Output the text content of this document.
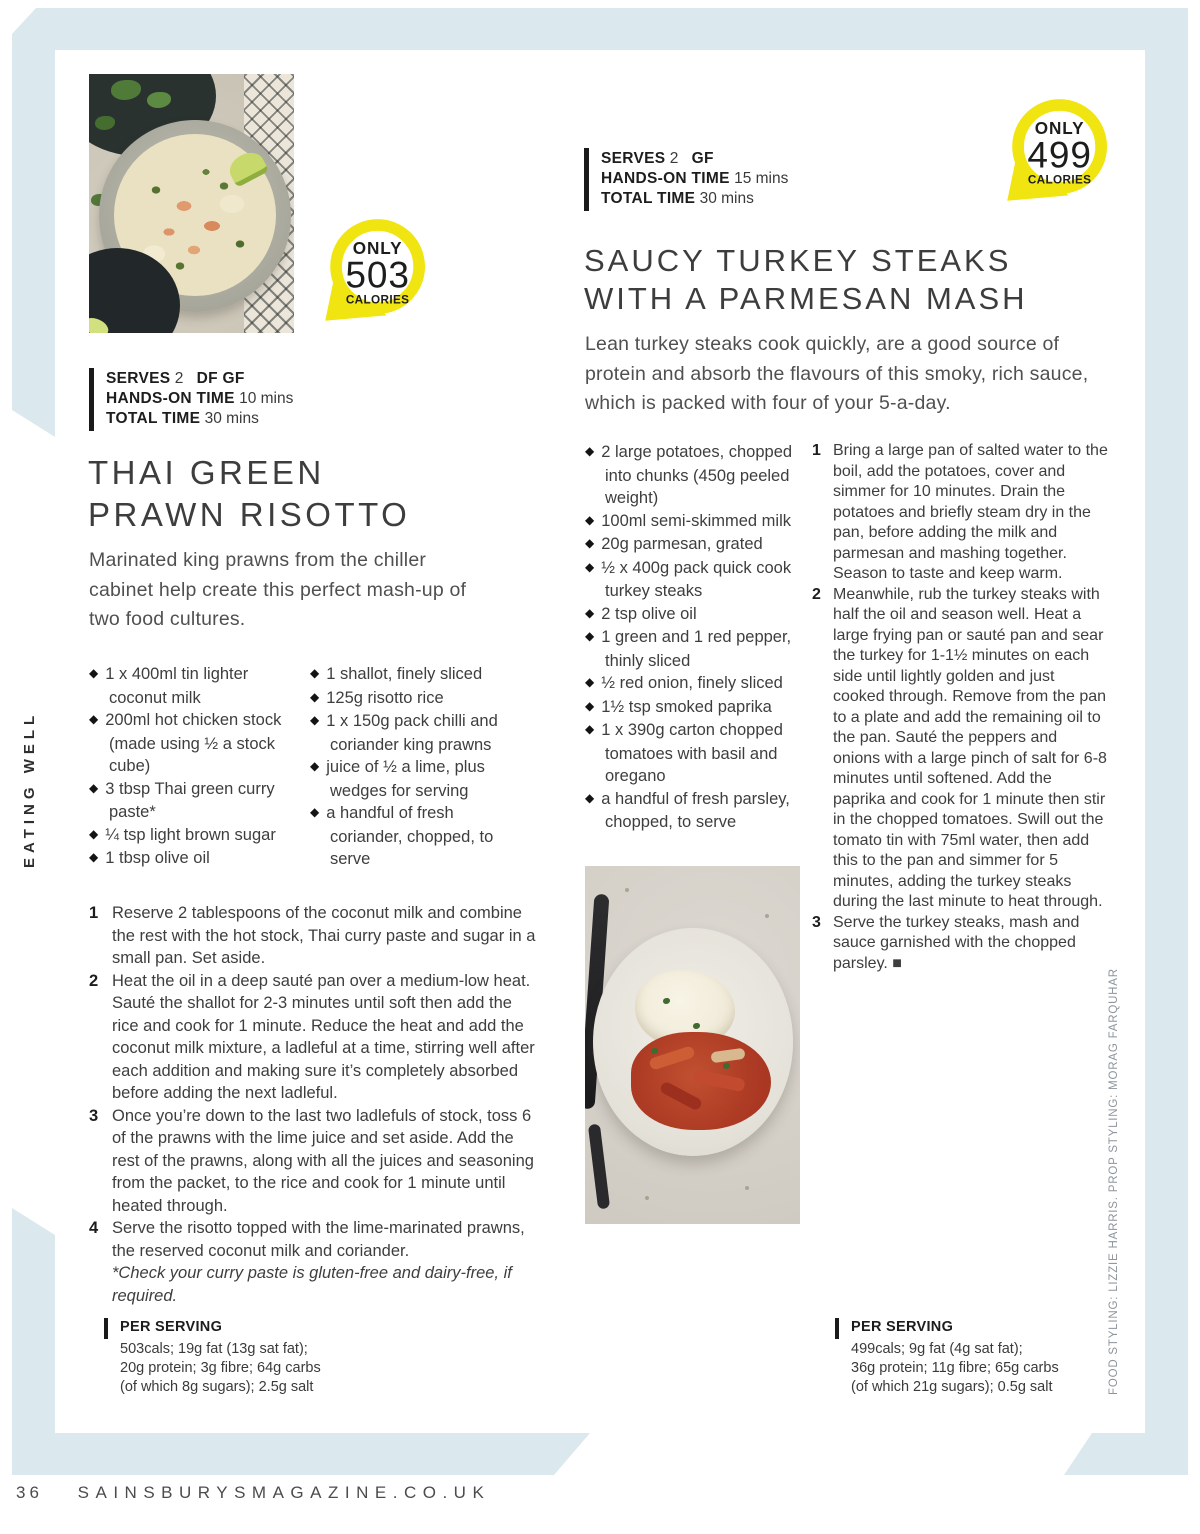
EATING WELL
FOOD STYLING: LIZZIE HARRIS. PROP STYLING: MORAG FARQUHAR
ONLY
503
CALORIES
SERVES 2 DF GF
HANDS-ON TIME 10 mins
TOTAL TIME 30 mins
THAI GREEN
PRAWN RISOTTO
Marinated king prawns from the chiller cabinet help create this perfect mash-up of two food cultures.
◆ 1 x 400ml tin lighter coconut milk
◆ 200ml hot chicken stock (made using ½ a stock cube)
◆ 3 tbsp Thai green curry paste*
◆ ¼ tsp light brown sugar
◆ 1 tbsp olive oil
◆ 1 shallot, finely sliced
◆ 125g risotto rice
◆ 1 x 150g pack chilli and coriander king prawns
◆ juice of ½ a lime, plus wedges for serving
◆ a handful of fresh coriander, chopped, to serve
1 Reserve 2 tablespoons of the coconut milk and combine the rest with the hot stock, Thai curry paste and sugar in a small pan. Set aside.
2 Heat the oil in a deep sauté pan over a medium-low heat. Sauté the shallot for 2-3 minutes until soft then add the rice and cook for 1 minute. Reduce the heat and add the coconut milk mixture, a ladleful at a time, stirring well after each addition and making sure it’s completely absorbed before adding the next ladleful.
3 Once you’re down to the last two ladlefuls of stock, toss 6 of the prawns with the lime juice and set aside. Add the rest of the prawns, along with all the juices and seasoning from the packet, to the rice and cook for 1 minute until heated through.
4 Serve the risotto topped with the lime-marinated prawns, the reserved coconut milk and coriander.
*Check your curry paste is gluten-free and dairy-free, if required.
PER SERVING
503cals; 19g fat (13g sat fat);
20g protein; 3g fibre; 64g carbs
(of which 8g sugars); 2.5g salt
SERVES 2 GF
HANDS-ON TIME 15 mins
TOTAL TIME 30 mins
ONLY
499
CALORIES
SAUCY TURKEY STEAKS
WITH A PARMESAN MASH
Lean turkey steaks cook quickly, are a good source of protein and absorb the flavours of this smoky, rich sauce, which is packed with four of your 5-a-day.
◆ 2 large potatoes, chopped into chunks (450g peeled weight)
◆ 100ml semi-skimmed milk
◆ 20g parmesan, grated
◆ ½ x 400g pack quick cook turkey steaks
◆ 2 tsp olive oil
◆ 1 green and 1 red pepper, thinly sliced
◆ ½ red onion, finely sliced
◆ 1½ tsp smoked paprika
◆ 1 x 390g carton chopped tomatoes with basil and oregano
◆ a handful of fresh parsley, chopped, to serve
1 Bring a large pan of salted water to the boil, add the potatoes, cover and simmer for 10 minutes. Drain the potatoes and briefly steam dry in the pan, before adding the milk and parmesan and mashing together. Season to taste and keep warm.
2 Meanwhile, rub the turkey steaks with half the oil and season well. Heat a large frying pan or sauté pan and sear the turkey for 1-1½ minutes on each side until lightly golden and just cooked through. Remove from the pan to a plate and add the remaining oil to the pan. Sauté the peppers and onions with a large pinch of salt for 6-8 minutes until softened. Add the paprika and cook for 1 minute then stir in the chopped tomatoes. Swill out the tomato tin with 75ml water, then add this to the pan and simmer for 5 minutes, adding the turkey steaks during the last minute to heat through.
3 Serve the turkey steaks, mash and sauce garnished with the chopped parsley. ■
PER SERVING
499cals; 9g fat (4g sat fat);
36g protein; 11g fibre; 65g carbs
(of which 21g sugars); 0.5g salt
36 SAINSBURYSMAGAZINE.CO.UK
